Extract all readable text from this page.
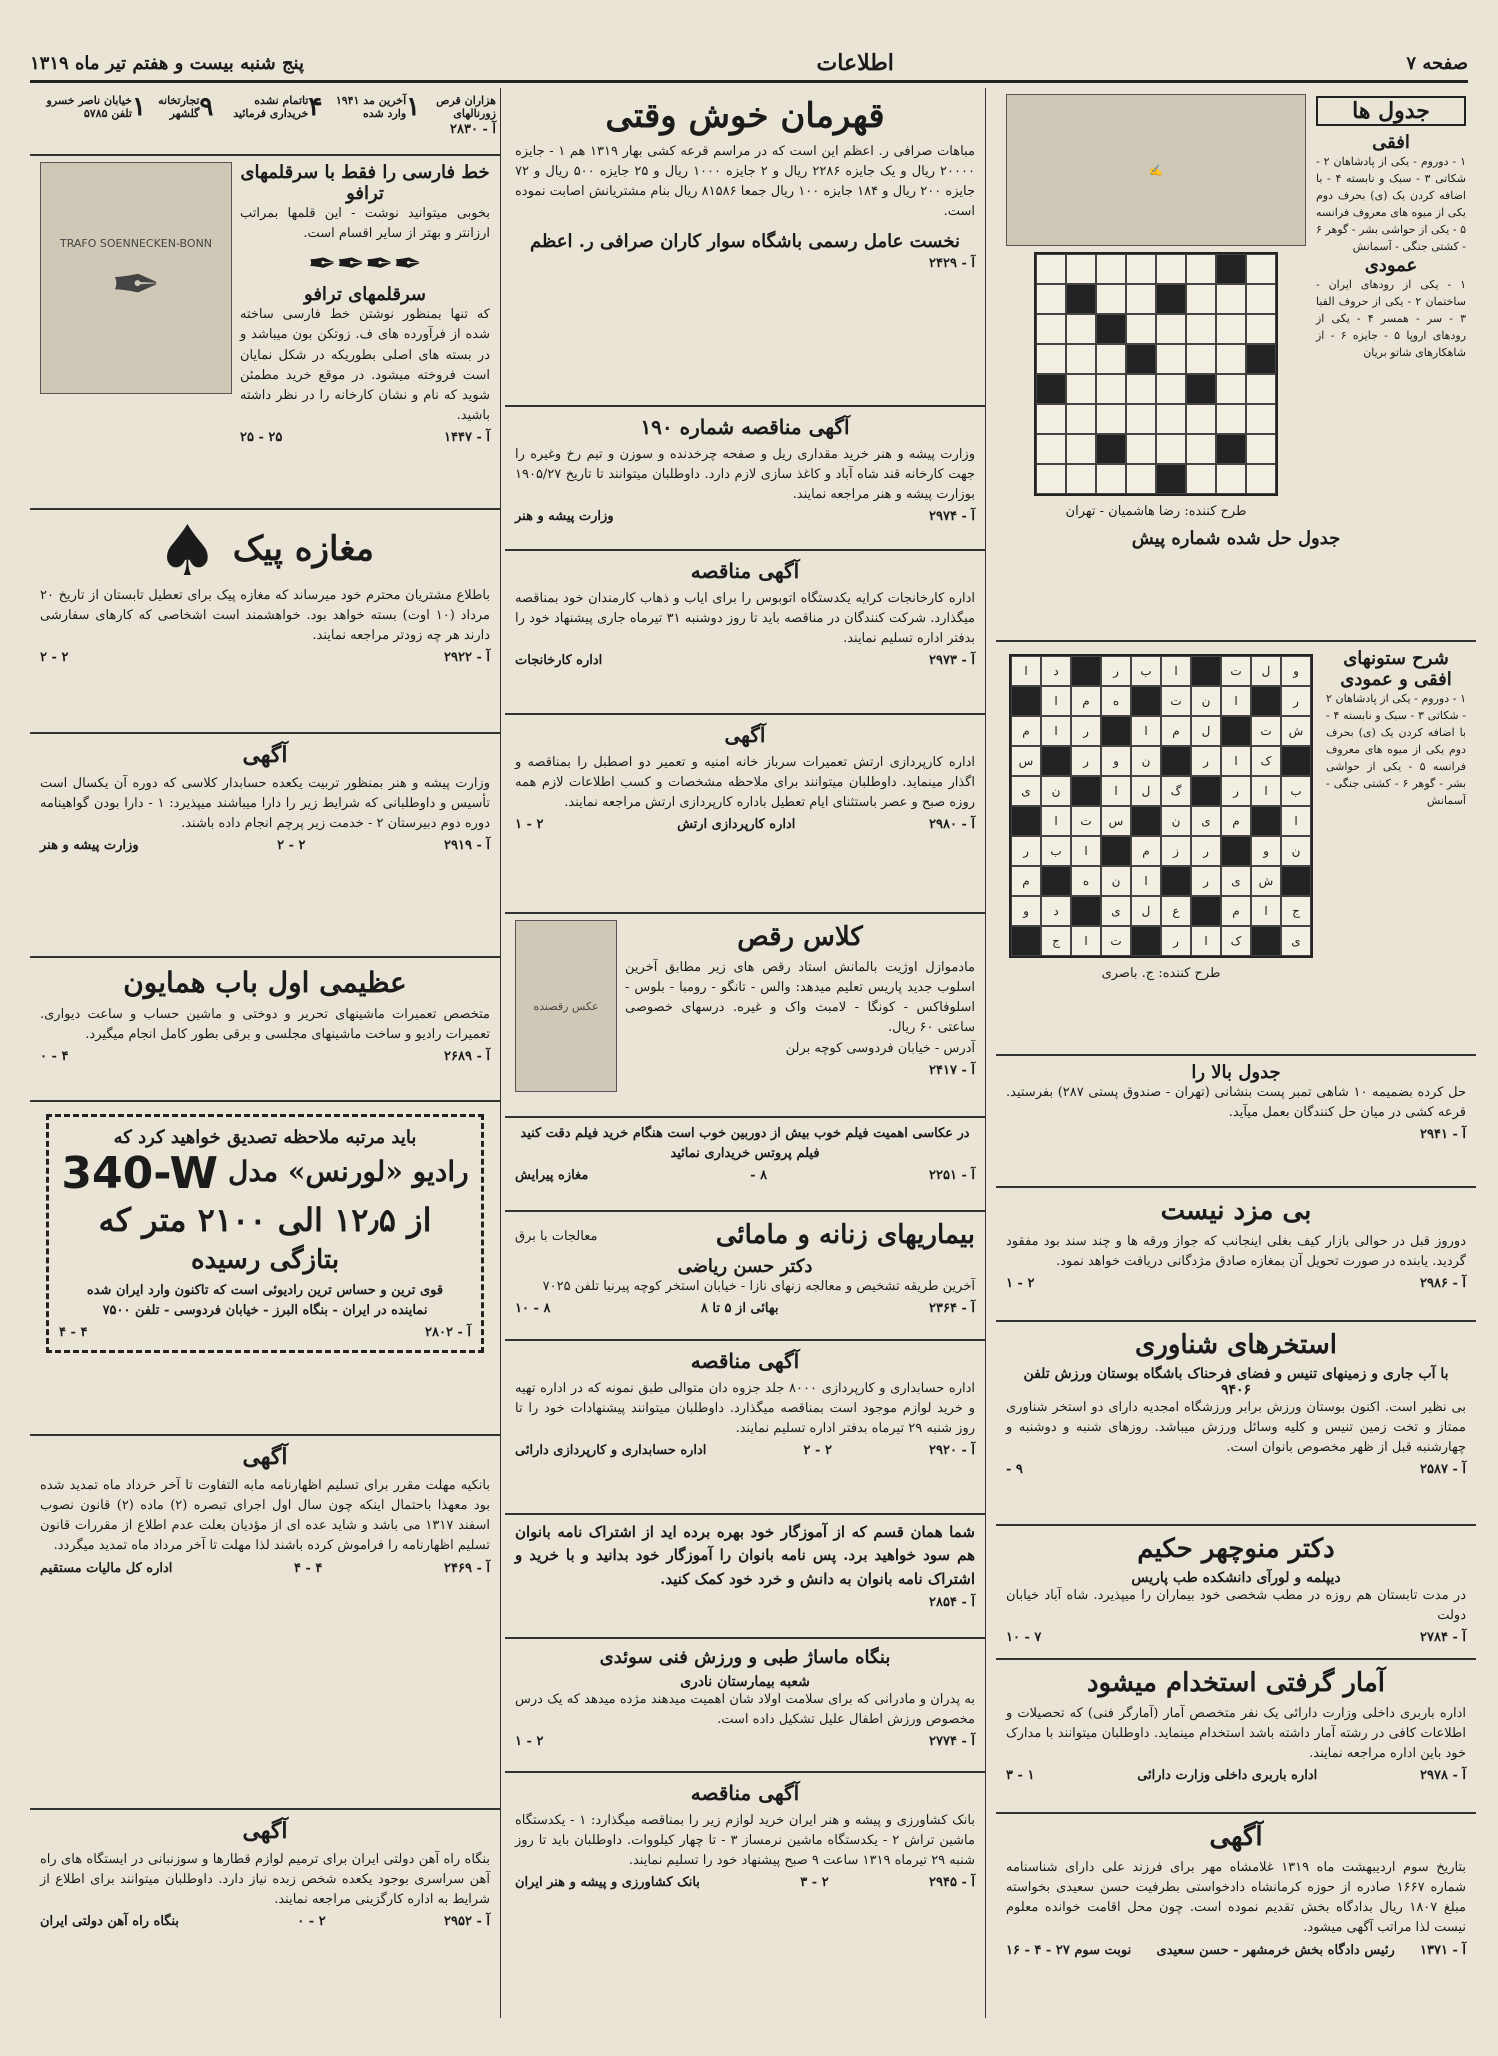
صفحه ۷
اطلاعات
پنج شنبه بیست و هفتم تیر ماه ۱۳۱۹
جدول ها
افقی
۱ - دوروم - یکی از پادشاهان ۲ - شکاتی ۳ - سبک و نابسته ۴ - با اضافه کردن یک (ی) بحرف دوم یکی از میوه های معروف فرانسه ۵ - یکی از حواشی بشر - گوهر ۶ - کشتی جنگی - آسمانش
عمودی
۱ - یکی از رودهای ایران - ساختمان ۲ - یکی از حروف الفبا ۳ - سر - همسر ۴ - یکی از رودهای اروپا ۵ - جایزه ۶ - از شاهکارهای شاتو بریان
✍
طرح کننده: رضا هاشمیان - تهران
جدول حل شده شماره پیش
شرح ستونهای افقی و عمودی
۱ - دوروم - یکی از پادشاهان ۲ - شکاتی ۳ - سبک و نابسته ۴ - با اضافه کردن یک (ی) بحرف دوم یکی از میوه های معروف فرانسه ۵ - یکی از حواشی بشر - گوهر ۶ - کشتی جنگی - آسمانش
و
ل
ت
ا
ب
ر
د
ا
ر
ا
ن
ت
ه
م
ا
ش
ت
ل
م
ا
ر
ا
م
ک
ا
ر
ن
و
ر
س
ب
ا
ر
گ
ل
ا
ن
ی
ا
م
ی
ن
س
ت
ا
ن
و
ر
ز
م
ا
ب
ر
ش
ی
ر
ا
ن
ه
م
ج
ا
م
ع
ل
ی
د
و
ی
ک
ا
ر
ت
ا
ج
طرح کننده: ج. باصری
جدول بالا را
حل کرده بضمیمه ۱۰ شاهی تمبر پست بنشانی (تهران - صندوق پستی ۲۸۷) بفرستید. قرعه کشی در میان حل کنندگان بعمل میآید.
آ - ۲۹۴۱
بی مزد نیست
دوروز قبل در حوالی بازار کیف بغلی اینجانب که جواز ورقه ها و چند سند بود مفقود گردید. یابنده در صورت تحویل آن بمغازه صادق مژدگانی دریافت خواهد نمود.
آ - ۲۹۸۶
۲ - ۱
استخرهای شناوری
با آب جاری و زمینهای تنیس و فضای فرحناک باشگاه بوستان ورزش تلفن ۹۴۰۶
بی نظیر است. اکنون بوستان ورزش برابر ورزشگاه امجدیه دارای دو استخر شناوری ممتاز و تخت زمین تنیس و کلیه وسائل ورزش میباشد. روزهای شنبه و دوشنبه و چهارشنبه قبل از ظهر مخصوص بانوان است.
آ - ۲۵۸۷
۹ -
دکتر منوچهر حکیم
دیپلمه و لورآی دانشکده طب پاریس
در مدت تابستان هم روزه در مطب شخصی خود بیماران را میپذیرد. شاه آباد خیابان دولت
آ - ۲۷۸۴
۷ - ۱۰
آمار گرفتی استخدام میشود
اداره باربری داخلی وزارت دارائی یک نفر متخصص آمار (آمارگر فنی) که تحصیلات و اطلاعات کافی در رشته آمار داشته باشد استخدام مینماید. داوطلبان میتوانند با مدارک خود باین اداره مراجعه نمایند.
آ - ۲۹۷۸
اداره باربری داخلی وزارت دارائی
۱ - ۳
آگهی
بتاریخ سوم اردیبهشت ماه ۱۳۱۹ غلامشاه مهر برای فرزند علی دارای شناسنامه شماره ۱۶۶۷ صادره از حوزه کرمانشاه دادخواستی بطرفیت حسن سعیدی بخواسته مبلغ ۱۸۰۷ ریال بدادگاه بخش تقدیم نموده است. چون محل اقامت خوانده معلوم نیست لذا مراتب آگهی میشود.
آ - ۱۳۷۱
رئیس دادگاه بخش خرمشهر - حسن سعیدی
نوبت سوم ۲۷ - ۴ - ۱۶
قهرمان خوش وقتی
مباهات صرافی ر. اعظم این است که در مراسم قرعه کشی بهار ۱۳۱۹ هم ۱ - جایزه ۲۰۰۰۰ ریال و یک جایزه ۲۲۸۶ ریال و ۲ جایزه ۱۰۰۰ ریال و ۲۵ جایزه ۵۰۰ ریال و ۷۲ جایزه ۲۰۰ ریال و ۱۸۴ جایزه ۱۰۰ ریال جمعا ۸۱۵۸۶ ریال بنام مشتریانش اصابت نموده است.
نخست عامل رسمی باشگاه سوار کاران صرافی ر. اعظم
آ - ۲۴۲۹
آگهی مناقصه شماره ۱۹۰
وزارت پیشه و هنر خرید مقداری ریل و صفحه چرخدنده و سوزن و تیم رخ وغیره را جهت کارخانه قند شاه آباد و کاغذ سازی لازم دارد. داوطلبان میتوانند تا تاریخ ۱۹۰۵/۲۷ بوزارت پیشه و هنر مراجعه نمایند.
آ - ۲۹۷۴
وزارت پیشه و هنر
آگهی مناقصه
اداره کارخانجات کرایه یکدستگاه اتوبوس را برای ایاب و ذهاب کارمندان خود بمناقصه میگذارد. شرکت کنندگان در مناقصه باید تا روز دوشنبه ۳۱ تیرماه جاری پیشنهاد خود را بدفتر اداره تسلیم نمایند.
آ - ۲۹۷۳
اداره کارخانجات
آگهی
اداره کارپردازی ارتش تعمیرات سرباز خانه امنیه و تعمیر دو اصطبل را بمناقصه و اگذار مینماید. داوطلبان میتوانند برای ملاحظه مشخصات و کسب اطلاعات لازم همه روزه صبح و عصر باستثنای ایام تعطیل باداره کارپردازی ارتش مراجعه نمایند.
آ - ۲۹۸۰
اداره کارپردازی ارتش
۲ - ۱
کلاس رقص
مادموازل اوژیت بالمانش استاد رقص های زیر مطابق آخرین اسلوب جدید پاریس تعلیم میدهد: والس - تانگو - رومبا - بلوس - اسلوفاکس - کونگا - لامبث واک و غیره. درسهای خصوصی ساعتی ۶۰ ریال.
آدرس - خیابان فردوسی کوچه برلن
آ - ۲۴۱۷
عکس رقصنده
در عکاسی اهمیت فیلم خوب بیش از دوربین خوب است هنگام خرید فیلم دقت کنید فیلم پروتس خریداری نمائید
آ - ۲۲۵۱
۸ -
مغازه پیرایش
بیماریهای زنانه و مامائی
معالجات با برق
دکتر حسن ریاضی
آخرین طریقه تشخیص و معالجه زنهای نازا - خیابان استخر کوچه پیرنیا تلفن ۷۰۲۵
آ - ۲۳۶۴
بهائی از ۵ تا ۸
۸ - ۱۰
آگهی مناقصه
اداره حسابداری و کارپردازی ۸۰۰۰ جلد جزوه دان متوالی طبق نمونه که در اداره تهیه و خرید لوازم موجود است بمناقصه میگذارد. داوطلبان میتوانند پیشنهادات خود را تا روز شنبه ۲۹ تیرماه بدفتر اداره تسلیم نمایند.
آ - ۲۹۲۰
۲ - ۲
اداره حسابداری و کارپردازی دارائی
شما همان قسم که از آموزگار خود بهره برده اید از اشتراک نامه بانوان هم سود خواهید برد. پس نامه بانوان را آموزگار خود بدانید و با خرید و اشتراک نامه بانوان به دانش و خرد خود کمک کنید.
آ - ۲۸۵۴
بنگاه ماساژ طبی و ورزش فنی سوئدی
شعبه بیمارستان نادری
به پدران و مادرانی که برای سلامت اولاد شان اهمیت میدهند مژده میدهد که یک درس مخصوص ورزش اطفال علیل تشکیل داده است.
آ - ۲۷۷۴
۲ - ۱
آگهی مناقصه
بانک کشاورزی و پیشه و هنر ایران خرید لوازم زیر را بمناقصه میگذارد: ۱ - یکدستگاه ماشین تراش ۲ - یکدستگاه ماشین نرمساز ۳ - تا چهار کیلووات. داوطلبان باید تا روز شنبه ۲۹ تیرماه ۱۳۱۹ ساعت ۹ صبح پیشنهاد خود را تسلیم نمایند.
آ - ۲۹۴۵
۲ - ۳
بانک کشاورزی و پیشه و هنر ایران
هزاران قرص زورنالهای
۱
آخرین مد ۱۹۴۱ وارد شده
۴
تاتمام نشده خریداری فرمائید
۹
تجارتخانه گلشهر
۱
خیابان ناصر خسرو تلفن ۵۷۸۵
آ - ۲۸۳۰
خط فارسی را فقط با سرقلمهای ترافو
بخوبی میتوانید نوشت - این قلمها بمراتب ارزانتر و بهتر از سایر اقسام است.
✒✒✒✒
سرقلمهای ترافو
که تنها بمنظور نوشتن خط فارسی ساخته شده از فرآورده های ف. زوتکن بون میباشد و در بسته های اصلی بطوریکه در شکل نمایان است فروخته میشود. در موقع خرید مطمئن شوید که نام و نشان کارخانه را در نظر داشته باشید.
آ - ۱۴۴۷
۲۵ - ۲۵
TRAFO SOENNECKEN-BONN
✒
مغازه پیک
♠
باطلاع مشتریان محترم خود میرساند که مغازه پیک برای تعطیل تابستان از تاریخ ۲۰ مرداد (۱۰ اوت) بسته خواهد بود. خواهشمند است اشخاصی که کارهای سفارشی دارند هر چه زودتر مراجعه نمایند.
آ - ۲۹۲۲
۲ - ۲
آگهی
وزارت پیشه و هنر بمنظور تربیت یکعده حسابدار کلاسی که دوره آن یکسال است تأسیس و داوطلبانی که شرایط زیر را دارا میباشند میپذیرد: ۱ - دارا بودن گواهینامه دوره دوم دبیرستان ۲ - خدمت زیر پرچم انجام داده باشند.
آ - ۲۹۱۹
۲ - ۲
وزارت پیشه و هنر
عظیمی اول باب همایون
متخصص تعمیرات ماشینهای تحریر و دوختی و ماشین حساب و ساعت دیواری. تعمیرات رادیو و ساخت ماشینهای مجلسی و برقی بطور کامل انجام میگیرد.
آ - ۲۶۸۹
۴ - ۰
باید مرتبه ملاحظه تصدیق خواهید کرد که
رادیو «لورنس» مدل
340-W
از ۱۲٫۵ الی ۲۱۰۰ متر که
بتازگی رسیده
قوی ترین و حساس ترین رادیوئی است که تاکنون وارد ایران شده
نماینده در ایران - بنگاه البرز - خیابان فردوسی - تلفن ۷۵۰۰
آ - ۲۸۰۲
۴ - ۴
آگهی
بانکیه مهلت مقرر برای تسلیم اظهارنامه مابه التفاوت تا آخر خرداد ماه تمدید شده بود معهذا باحتمال اینکه چون سال اول اجرای تبصره (۲) ماده (۲) قانون نصوب اسفند ۱۳۱۷ می باشد و شاید عده ای از مؤدیان بعلت عدم اطلاع از مقررات قانون تسلیم اظهارنامه را فراموش کرده باشند لذا مهلت تا آخر مرداد ماه تمدید میگردد.
آ - ۲۴۶۹
۴ - ۴
اداره کل مالیات مستقیم
آگهی
بنگاه راه آهن دولتی ایران برای ترمیم لوازم قطارها و سوزنبانی در ایستگاه های راه آهن سراسری بوجود یکعده شخص زبده نیاز دارد. داوطلبان میتوانند برای اطلاع از شرایط به اداره کارگزینی مراجعه نمایند.
آ - ۲۹۵۲
۲ - ۰
بنگاه راه آهن دولتی ایران
